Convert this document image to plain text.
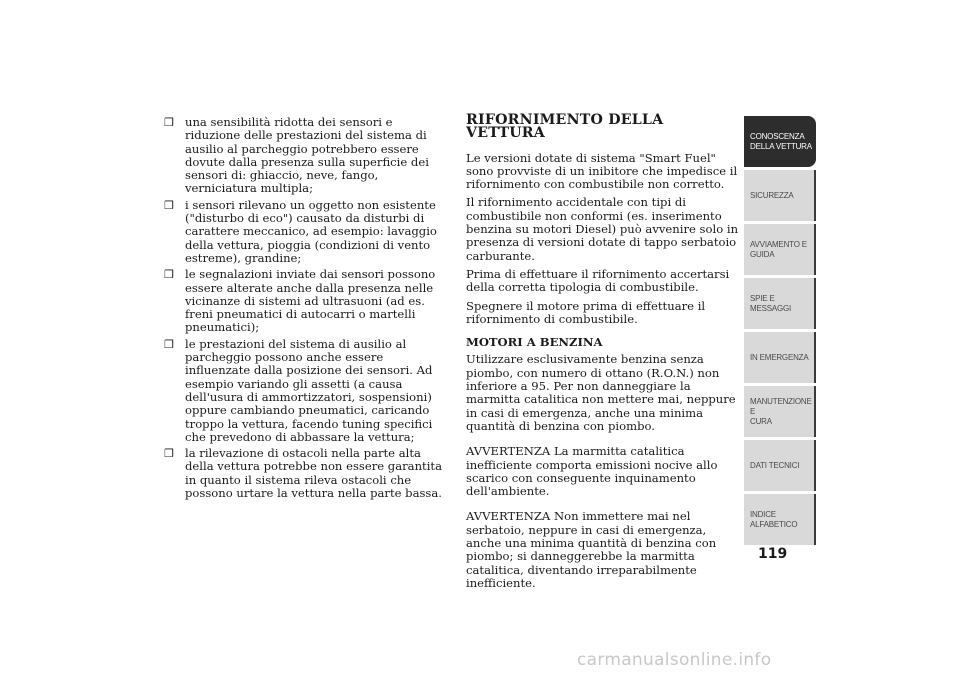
❒ una sensibilità ridotta dei sensori e riduzione delle prestazioni del sistema di ausilio al parcheggio potrebbero essere dovute dalla presenza sulla superficie dei sensori di: ghiaccio, neve, fango, verniciatura multipla;
❒ i sensori rilevano un oggetto non esistente ("disturbo di eco") causato da disturbi di carattere meccanico, ad esempio: lavaggio della vettura, pioggia (condizioni di vento estreme), grandine;
❒ le segnalazioni inviate dai sensori possono essere alterate anche dalla presenza nelle vicinanze di sistemi ad ultrasuoni (ad es. freni pneumatici di autocarri o martelli pneumatici);
❒ le prestazioni del sistema di ausilio al parcheggio possono anche essere influenzate dalla posizione dei sensori. Ad esempio variando gli assetti (a causa dell'usura di ammortizzatori, sospensioni) oppure cambiando pneumatici, caricando troppo la vettura, facendo tuning specifici che prevedono di abbassare la vettura;
❒ la rilevazione di ostacoli nella parte alta della vettura potrebbe non essere garantita in quanto il sistema rileva ostacoli che possono urtare la vettura nella parte bassa.
RIFORNIMENTO DELLA VETTURA

Le versioni dotate di sistema "Smart Fuel" sono provviste di un inibitore che impedisce il rifornimento con combustibile non corretto.

Il rifornimento accidentale con tipi di combustibile non conformi (es. inserimento benzina su motori Diesel) può avvenire solo in presenza di versioni dotate di tappo serbatoio carburante.

Prima di effettuare il rifornimento accertarsi della corretta tipologia di combustibile.

Spegnere il motore prima di effettuare il rifornimento di combustibile.

MOTORI A BENZINA

Utilizzare esclusivamente benzina senza piombo, con numero di ottano (R.O.N.) non inferiore a 95. Per non danneggiare la marmitta catalitica non mettere mai, neppure in casi di emergenza, anche una minima quantità di benzina con piombo.

AVVERTENZA La marmitta catalitica inefficiente comporta emissioni nocive allo scarico con conseguente inquinamento dell'ambiente.

AVVERTENZA Non immettere mai nel serbatoio, neppure in casi di emergenza, anche una minima quantità di benzina con piombo; si danneggerebbe la marmitta catalitica, diventando irreparabilmente inefficiente.

CONOSCENZA
DELLA VETTURA
SICUREZZA
AVVIAMENTO E
GUIDA
SPIE E MESSAGGI
IN EMERGENZA
MANUTENZIONE E
CURA
DATI TECNICI
INDICE
ALFABETICO
119
carmanualsonline.info
